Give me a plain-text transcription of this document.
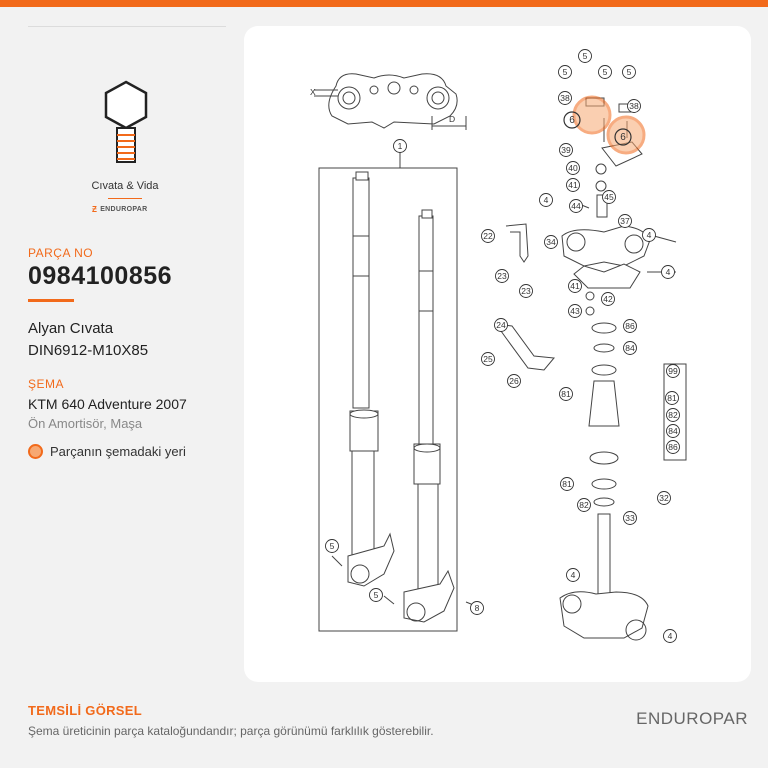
Cıvata & Vida
Ƶ ENDUROPAR
PARÇA NO
0984100856
Alyan Cıvata
DIN6912-M10X85
ŞEMA
KTM 640 Adventure 2007
Ön Amortisör, Maşa
Parçanın şemadaki yeri
1
5
5	5 5
6
6
38
38
39
40
41
44
45
4
37
22
34
4
23
23
4
41
42
43
24	86
84
25
26
81
99
81
82
84
86
81
82
32
33
4
4
8
5
5
X
D
TEMSİLİ GÖRSEL
Şema üreticinin parça kataloğundandır; parça görünümü farklılık gösterebilir.
ENDUROPAR
